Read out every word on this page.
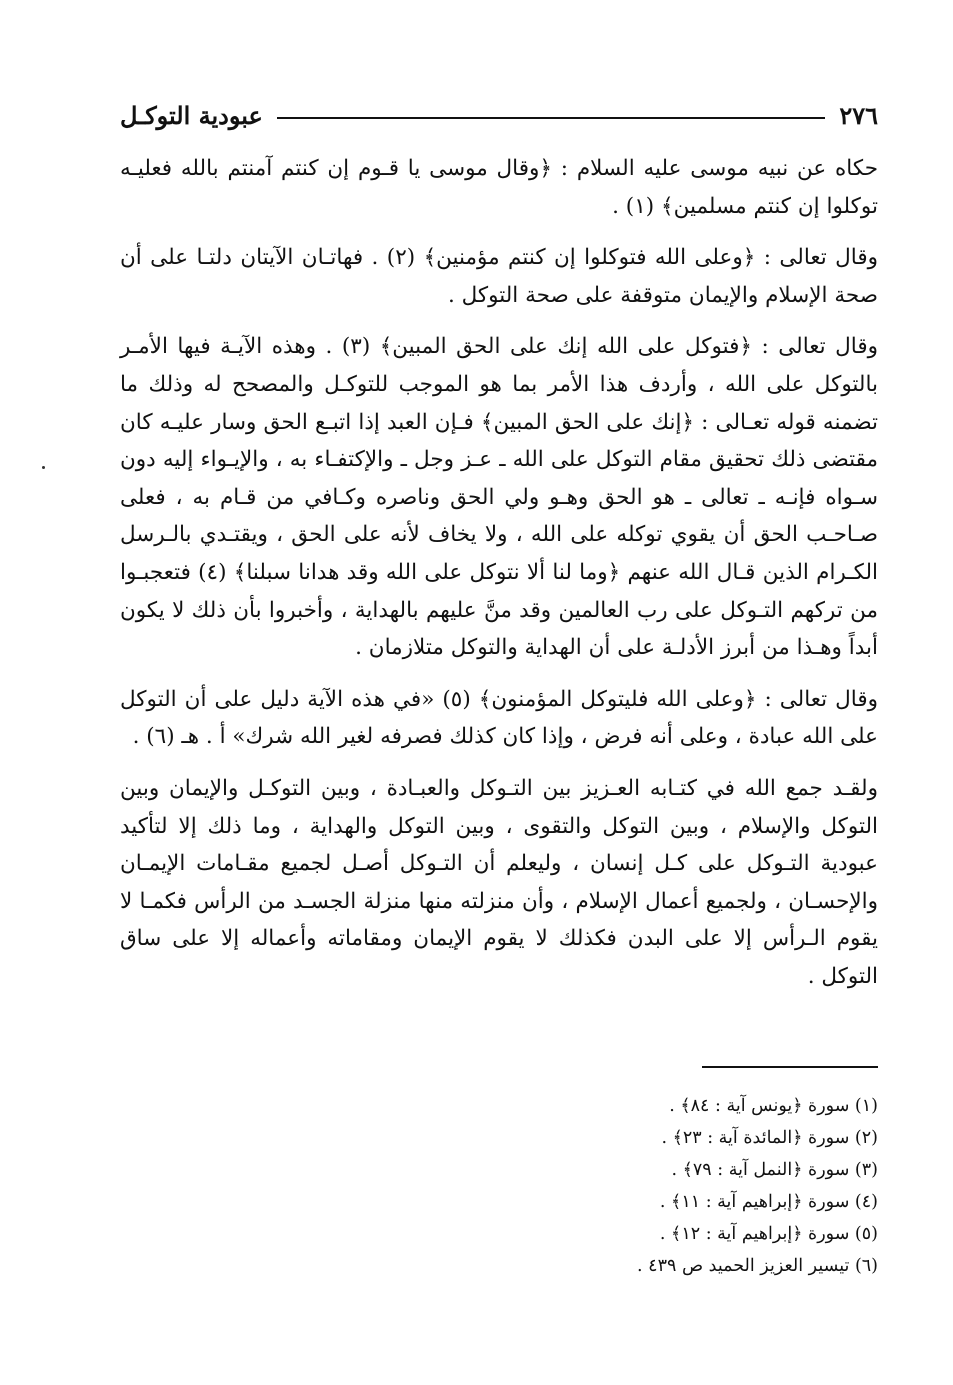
٢٧٦
عبودية التوكـل

حكاه عن نبيه موسى عليه السلام : ﴿وقال موسى يا قـوم إن كنتم آمنتم بالله فعليـه توكلوا إن كنتم مسلمين﴾ (١) .

وقال تعالى : ﴿وعلى الله فتوكلوا إن كنتم مؤمنين﴾ (٢) . فهاتـان الآيتان دلتـا على أن صحة الإسلام والإيمان متوقفة على صحة التوكل .

وقال تعالى : ﴿فتوكل على الله إنك على الحق المبين﴾ (٣) . وهذه الآيـة فيها الأمـر بالتوكل على الله ، وأردف هذا الأمر بما هو الموجب للتوكـل والمصحح له وذلك ما تضمنه قوله تعـالى : ﴿إنك على الحق المبين﴾ فـإن العبد إذا اتبـع الحق وسار عليـه كان مقتضى ذلك تحقيق مقام التوكل على الله ـ عـز وجل ـ والإكتفـاء به ، والإيـواء إليه دون سـواه فإنـه ـ تعالى ـ هو الحق وهـو ولي الحق وناصره وكـافي من قـام به ، فعلى صـاحـب الحق أن يقوي توكله على الله ، ولا يخاف لأنه على الحق ، ويقتـدي بالـرسل الكـرام الذين قـال الله عنهم ﴿وما لنا ألا نتوكل على الله وقد هدانا سبلنا﴾ (٤) فتعجبـوا من تركهم التـوكل على رب العالمين وقد منَّ عليهم بالهداية ، وأخبروا بأن ذلك لا يكون أبداً وهـذا من أبرز الأدلـة على أن الهداية والتوكل متلازمان .

وقال تعالى : ﴿وعلى الله فليتوكل المؤمنون﴾ (٥) «في هذه الآية دليل على أن التوكل على الله عبادة ، وعلى أنه فرض ، وإذا كان كذلك فصرفه لغير الله شرك» أ . هـ (٦) .

ولقـد جمع الله في كتـابه العـزيز بين التـوكل والعبـادة ، وبين التوكـل والإيمان وبين التوكل والإسلام ، وبين التوكل والتقوى ، وبين التوكل والهداية ، وما ذلك إلا لتأكيد عبودية التـوكل على كـل إنسان ، وليعلم أن التـوكل أصـل لجميع مقـامات الإيمـان والإحسـان ، ولجميع أعمال الإسلام ، وأن منزلته منها منزلة الجسـد من الرأس فكمـا لا يقوم الـرأس إلا على البدن فكذلك لا يقوم الإيمان ومقاماته وأعماله إلا على ساق التوكل .

(١) سورة ﴿يونس آية : ٨٤﴾ .
(٢) سورة ﴿المائدة آية : ٢٣﴾ .
(٣) سورة ﴿النمل آية : ٧٩﴾ .
(٤) سورة ﴿إبراهيم آية : ١١﴾ .
(٥) سورة ﴿إبراهيم آية : ١٢﴾ .
(٦) تيسير العزيز الحميد ص ٤٣٩ .
